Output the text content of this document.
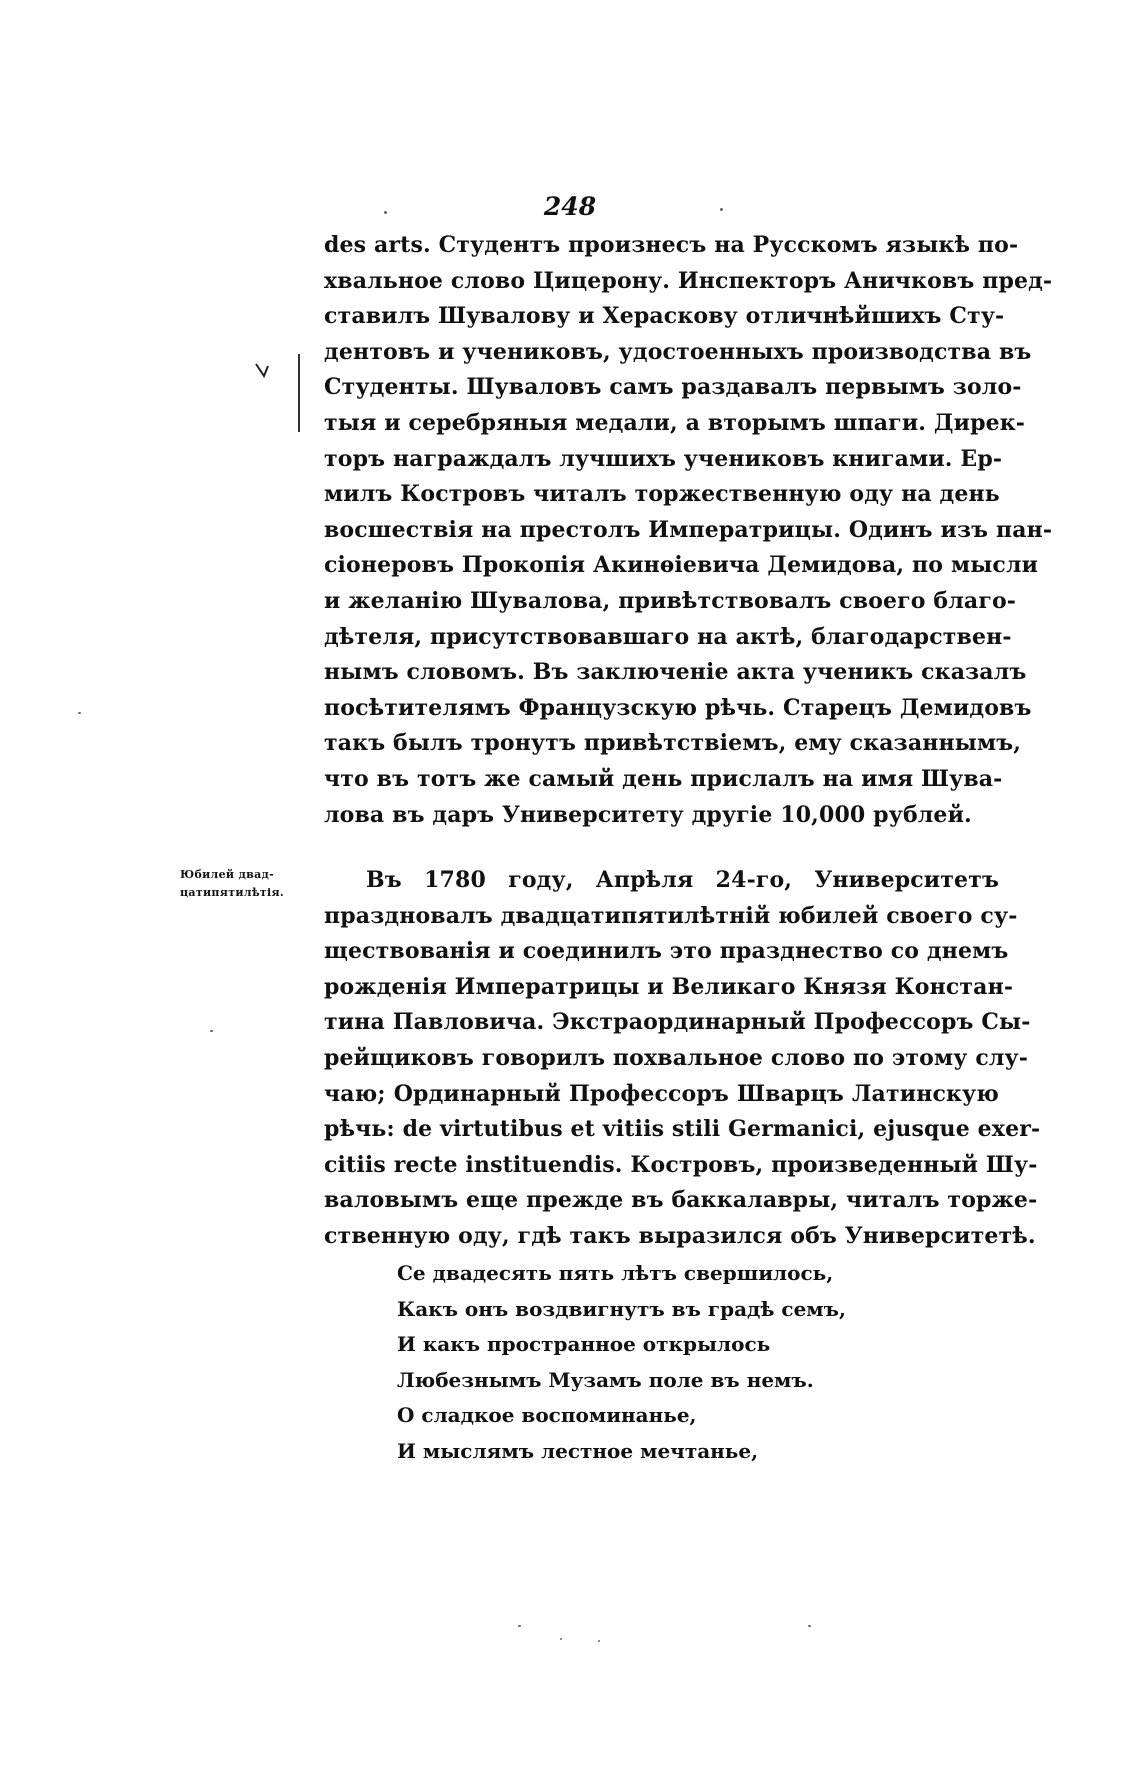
248
des arts. Студентъ произнесъ на Русскомъ языкѣ по-
хвальное слово Цицерону. Инспекторъ Аничковъ пред-
ставилъ Шувалову и Хераскову отличнѣйшихъ Сту-
дентовъ и учениковъ, удостоенныхъ производства въ
Студенты. Шуваловъ самъ раздавалъ первымъ золо-
тыя и серебряныя медали, а вторымъ шпаги. Дирек-
торъ награждалъ лучшихъ учениковъ книгами. Ер-
милъ Костровъ читалъ торжественную оду на день
восшествія на престолъ Императрицы. Одинъ изъ пан-
сіонеровъ Прокопія Акинѳіевича Демидова, по мысли
и желанію Шувалова, привѣтствовалъ своего благо-
дѣтеля, присутствовавшаго на актѣ, благодарствен-
нымъ словомъ. Въ заключеніе акта ученикъ сказалъ
посѣтителямъ Французскую рѣчь. Старецъ Демидовъ
такъ былъ тронутъ привѣтствіемъ, ему сказаннымъ,
что въ тотъ же самый день прислалъ на имя Шува-
лова въ даръ Университету другіе 10,000 рублей.
Юбилей двад-
цатипятилѣтія.	Въ 1780 году, Апрѣля 24-го, Университетъ
праздновалъ двадцатипятилѣтній юбилей своего су-
ществованія и соединилъ это празднество со днемъ
рожденія Императрицы и Великаго Князя Констан-
тина Павловича. Экстраординарный Профессоръ Сы-
рейщиковъ говорилъ похвальное слово по этому слу-
чаю; Ординарный Профессоръ Шварцъ Латинскую
рѣчь: de virtutibus et vitiis stili Germanici, ejusque exer-
citiis recte instituendis. Костровъ, произведенный Шу-
валовымъ еще прежде въ баккалавры, читалъ торже-
ственную оду, гдѣ такъ выразился объ Университетѣ.
Се двадесять пять лѣтъ свершилось,
Какъ онъ воздвигнутъ въ градѣ семъ,
И какъ пространное открылось
Любезнымъ Музамъ поле въ немъ.
О сладкое воспоминанье,
И мыслямъ лестное мечтанье,
